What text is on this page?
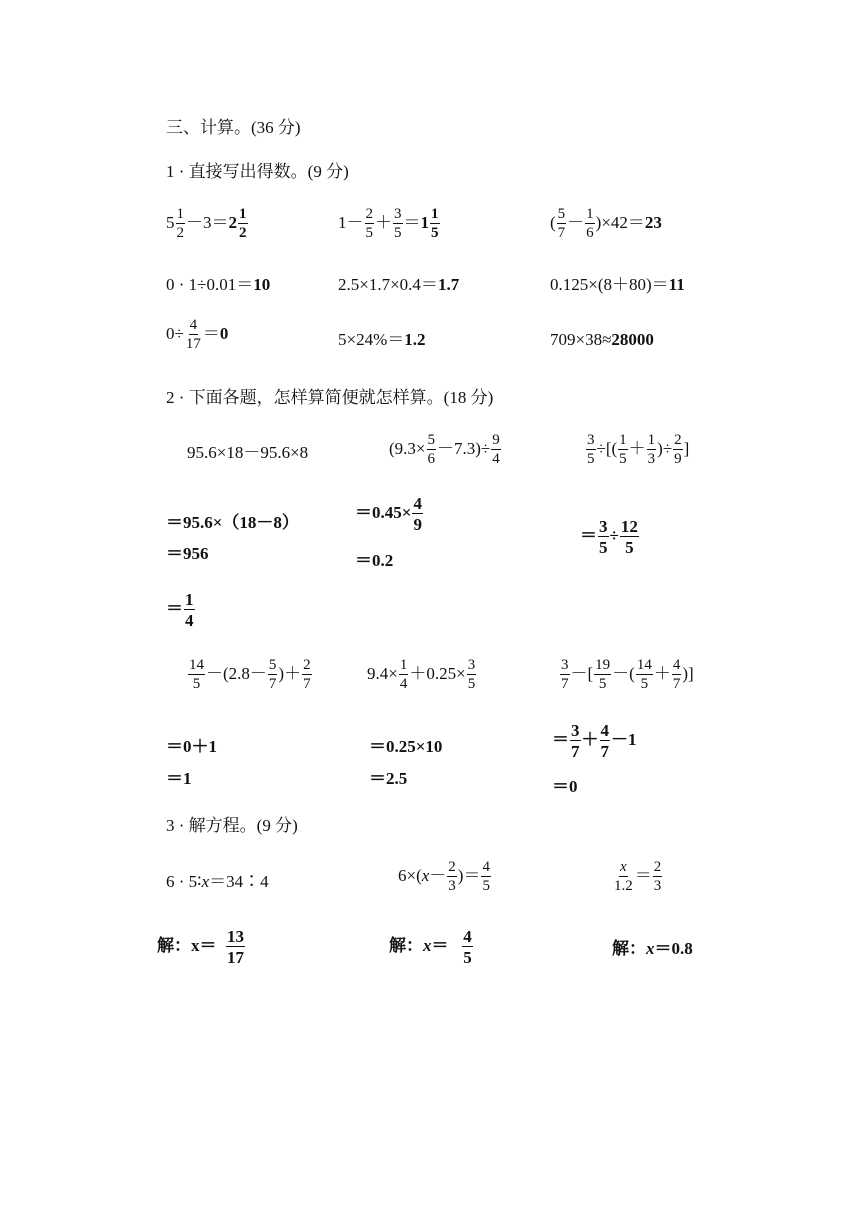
三、计算。(36 分)
1 · 直接写出得数。(9 分)
$5 \frac{1}{2} -3=2 \frac{1}{2}$	$1- \frac{2}{5} + \frac{3}{5} =1 \frac{1}{5}$	( $\frac{5}{7} - \frac{1}{6} )\times 42=23$
0 · 1÷0.01＝10	2.5×1.7×0.4＝1.7	0.125×(8＋80)＝11
$0\div \frac{4}{17} =0$	5×24%＝1.2	709×38≈28000
2 · 下面各题，怎样算简便就怎样算。(18 分)
95.6×18－95.6×8
＝95.6×（18－8）
＝956
＝ $\frac{1}{4}$
$(9.3\times \frac{5}{6} -7.3)\div \frac{9}{4}$
$=0.45\times \frac{4}{9}$
＝0.2
$\frac{3}{5}$ ÷[( $\frac{1}{5} + \frac{1}{3}$ )÷ $\frac{2}{9}$ ]
＝ $\frac{3}{5} \div \frac{12}{5}$
$\frac{14}{5} -(2.8- \frac{5}{7}$ )＋ $\frac{2}{7}$
＝0＋1
＝1
$9.4\times \frac{1}{4} +0.25\times \frac{3}{5}$
＝0.25×10
＝2.5
$\frac{3}{7}$ －[ $\frac{19}{5}$ －( $\frac{14}{5} + \frac{4}{7}$ )]
＝ $\frac{3}{7} + \frac{4}{7} -1$
＝0
3 · 解方程。(9 分)
6 · 5∶x＝34∶4	$6\times(x- \frac{2}{3}$ )＝ $\frac{4}{5}$	$\frac{x}{1.2} = \frac{2}{3}$
解：$x= \frac{13}{17}$	解：$x= \frac{4}{5}$	解：x＝0.8
